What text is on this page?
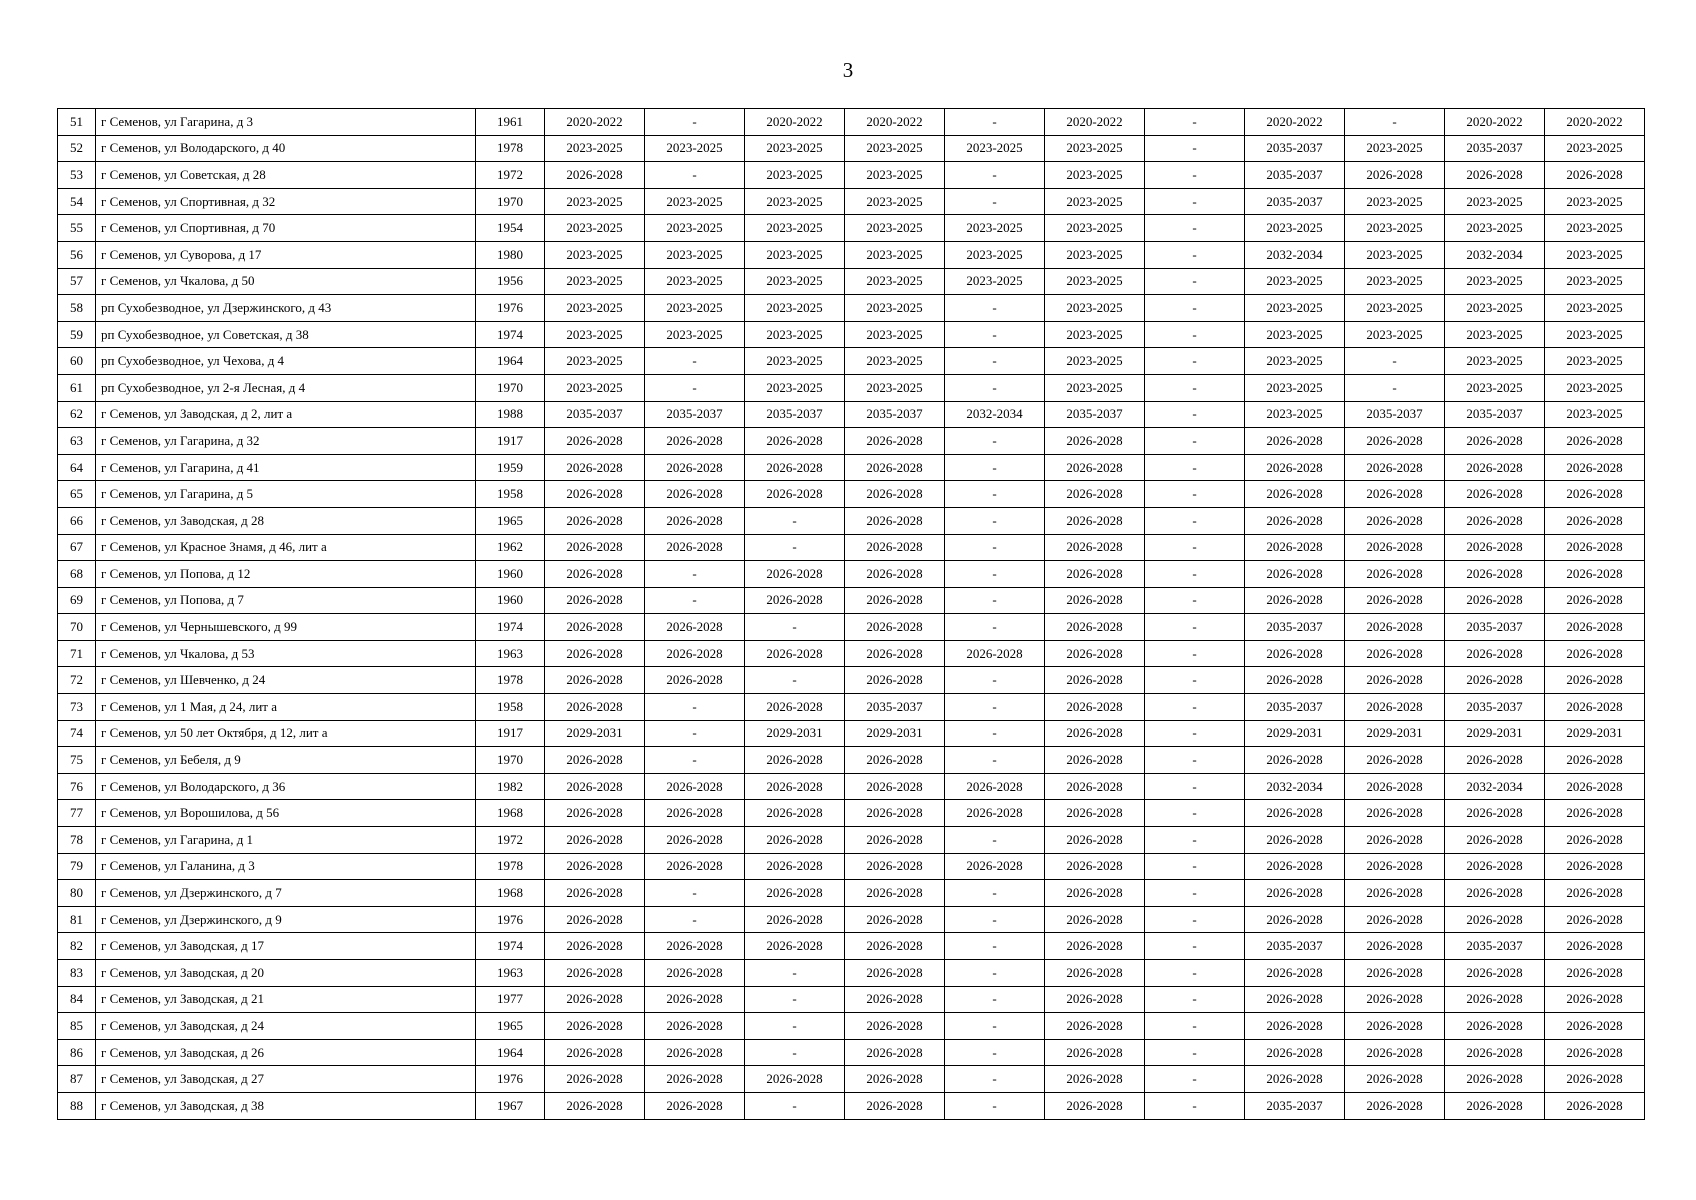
3
51	г Семенов, ул Гагарина, д 3	1961	2020-2022	-	2020-2022	2020-2022	-	2020-2022	-	2020-2022	-	2020-2022	2020-2022
52	г Семенов, ул Володарского, д 40	1978	2023-2025	2023-2025	2023-2025	2023-2025	2023-2025	2023-2025	-	2035-2037	2023-2025	2035-2037	2023-2025
53	г Семенов, ул Советская, д 28	1972	2026-2028	-	2023-2025	2023-2025	-	2023-2025	-	2035-2037	2026-2028	2026-2028	2026-2028
54	г Семенов, ул Спортивная, д 32	1970	2023-2025	2023-2025	2023-2025	2023-2025	-	2023-2025	-	2035-2037	2023-2025	2023-2025	2023-2025
55	г Семенов, ул Спортивная, д 70	1954	2023-2025	2023-2025	2023-2025	2023-2025	2023-2025	2023-2025	-	2023-2025	2023-2025	2023-2025	2023-2025
56	г Семенов, ул Суворова, д 17	1980	2023-2025	2023-2025	2023-2025	2023-2025	2023-2025	2023-2025	-	2032-2034	2023-2025	2032-2034	2023-2025
57	г Семенов, ул Чкалова, д 50	1956	2023-2025	2023-2025	2023-2025	2023-2025	2023-2025	2023-2025	-	2023-2025	2023-2025	2023-2025	2023-2025
58	рп Сухобезводное, ул Дзержинского, д 43	1976	2023-2025	2023-2025	2023-2025	2023-2025	-	2023-2025	-	2023-2025	2023-2025	2023-2025	2023-2025
59	рп Сухобезводное, ул Советская, д 38	1974	2023-2025	2023-2025	2023-2025	2023-2025	-	2023-2025	-	2023-2025	2023-2025	2023-2025	2023-2025
60	рп Сухобезводное, ул Чехова, д 4	1964	2023-2025	-	2023-2025	2023-2025	-	2023-2025	-	2023-2025	-	2023-2025	2023-2025
61	рп Сухобезводное, ул 2-я Лесная, д 4	1970	2023-2025	-	2023-2025	2023-2025	-	2023-2025	-	2023-2025	-	2023-2025	2023-2025
62	г Семенов, ул Заводская, д 2, лит а	1988	2035-2037	2035-2037	2035-2037	2035-2037	2032-2034	2035-2037	-	2023-2025	2035-2037	2035-2037	2023-2025
63	г Семенов, ул Гагарина, д 32	1917	2026-2028	2026-2028	2026-2028	2026-2028	-	2026-2028	-	2026-2028	2026-2028	2026-2028	2026-2028
64	г Семенов, ул Гагарина, д 41	1959	2026-2028	2026-2028	2026-2028	2026-2028	-	2026-2028	-	2026-2028	2026-2028	2026-2028	2026-2028
65	г Семенов, ул Гагарина, д 5	1958	2026-2028	2026-2028	2026-2028	2026-2028	-	2026-2028	-	2026-2028	2026-2028	2026-2028	2026-2028
66	г Семенов, ул Заводская, д 28	1965	2026-2028	2026-2028	-	2026-2028	-	2026-2028	-	2026-2028	2026-2028	2026-2028	2026-2028
67	г Семенов, ул Красное Знамя, д 46, лит а	1962	2026-2028	2026-2028	-	2026-2028	-	2026-2028	-	2026-2028	2026-2028	2026-2028	2026-2028
68	г Семенов, ул Попова, д 12	1960	2026-2028	-	2026-2028	2026-2028	-	2026-2028	-	2026-2028	2026-2028	2026-2028	2026-2028
69	г Семенов, ул Попова, д 7	1960	2026-2028	-	2026-2028	2026-2028	-	2026-2028	-	2026-2028	2026-2028	2026-2028	2026-2028
70	г Семенов, ул Чернышевского, д 99	1974	2026-2028	2026-2028	-	2026-2028	-	2026-2028	-	2035-2037	2026-2028	2035-2037	2026-2028
71	г Семенов, ул Чкалова, д 53	1963	2026-2028	2026-2028	2026-2028	2026-2028	2026-2028	2026-2028	-	2026-2028	2026-2028	2026-2028	2026-2028
72	г Семенов, ул Шевченко, д 24	1978	2026-2028	2026-2028	-	2026-2028	-	2026-2028	-	2026-2028	2026-2028	2026-2028	2026-2028
73	г Семенов, ул 1 Мая, д 24, лит а	1958	2026-2028	-	2026-2028	2035-2037	-	2026-2028	-	2035-2037	2026-2028	2035-2037	2026-2028
74	г Семенов, ул 50 лет Октября, д 12, лит а	1917	2029-2031	-	2029-2031	2029-2031	-	2026-2028	-	2029-2031	2029-2031	2029-2031	2029-2031
75	г Семенов, ул Бебеля, д 9	1970	2026-2028	-	2026-2028	2026-2028	-	2026-2028	-	2026-2028	2026-2028	2026-2028	2026-2028
76	г Семенов, ул Володарского, д 36	1982	2026-2028	2026-2028	2026-2028	2026-2028	2026-2028	2026-2028	-	2032-2034	2026-2028	2032-2034	2026-2028
77	г Семенов, ул Ворошилова, д 56	1968	2026-2028	2026-2028	2026-2028	2026-2028	2026-2028	2026-2028	-	2026-2028	2026-2028	2026-2028	2026-2028
78	г Семенов, ул Гагарина, д 1	1972	2026-2028	2026-2028	2026-2028	2026-2028	-	2026-2028	-	2026-2028	2026-2028	2026-2028	2026-2028
79	г Семенов, ул Галанина, д 3	1978	2026-2028	2026-2028	2026-2028	2026-2028	2026-2028	2026-2028	-	2026-2028	2026-2028	2026-2028	2026-2028
80	г Семенов, ул Дзержинского, д 7	1968	2026-2028	-	2026-2028	2026-2028	-	2026-2028	-	2026-2028	2026-2028	2026-2028	2026-2028
81	г Семенов, ул Дзержинского, д 9	1976	2026-2028	-	2026-2028	2026-2028	-	2026-2028	-	2026-2028	2026-2028	2026-2028	2026-2028
82	г Семенов, ул Заводская, д 17	1974	2026-2028	2026-2028	2026-2028	2026-2028	-	2026-2028	-	2035-2037	2026-2028	2035-2037	2026-2028
83	г Семенов, ул Заводская, д 20	1963	2026-2028	2026-2028	-	2026-2028	-	2026-2028	-	2026-2028	2026-2028	2026-2028	2026-2028
84	г Семенов, ул Заводская, д 21	1977	2026-2028	2026-2028	-	2026-2028	-	2026-2028	-	2026-2028	2026-2028	2026-2028	2026-2028
85	г Семенов, ул Заводская, д 24	1965	2026-2028	2026-2028	-	2026-2028	-	2026-2028	-	2026-2028	2026-2028	2026-2028	2026-2028
86	г Семенов, ул Заводская, д 26	1964	2026-2028	2026-2028	-	2026-2028	-	2026-2028	-	2026-2028	2026-2028	2026-2028	2026-2028
87	г Семенов, ул Заводская, д 27	1976	2026-2028	2026-2028	2026-2028	2026-2028	-	2026-2028	-	2026-2028	2026-2028	2026-2028	2026-2028
88	г Семенов, ул Заводская, д 38	1967	2026-2028	2026-2028	-	2026-2028	-	2026-2028	-	2035-2037	2026-2028	2026-2028	2026-2028
